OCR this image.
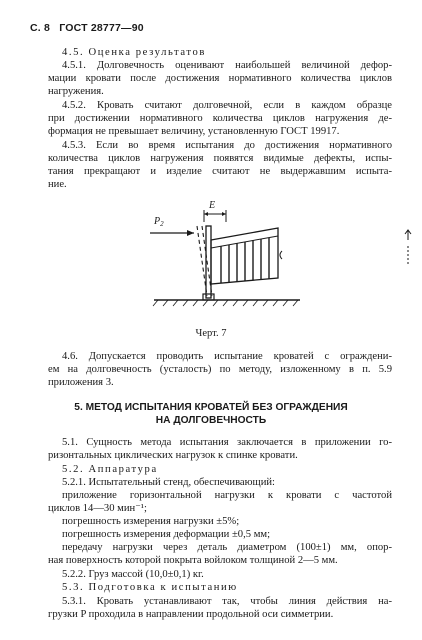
С. 8 ГОСТ 28777—90
4.5. Оценка результатов
4.5.1. Долговечность оценивают наибольшей величиной дефор-
мации кровати после достижения нормативного количества циклов
нагружения.
4.5.2. Кровать считают долговечной, если в каждом образце
при достижении нормативного количества циклов нагружения де-
формация не превышает величину, установленную ГОСТ 19917.
4.5.3. Если во время испытания до достижения нормативного
количества циклов нагружения появятся видимые дефекты, испы-
тания прекращают и изделие считают не выдержавшим испыта-
ние.
E
$P_2$
Черт. 7
4.6. Допускается проводить испытание кроватей с ограждени-
ем на долговечность (усталость) по методу, изложенному в п. 5.9
приложения 3.
5. МЕТОД ИСПЫТАНИЯ КРОВАТЕЙ БЕЗ ОГРАЖДЕНИЯ
НА ДОЛГОВЕЧНОСТЬ
5.1. Сущность метода испытания заключается в приложении го-
ризонтальных циклических нагрузок к спинке кровати.
5.2. Аппаратура
5.2.1. Испытательный стенд, обеспечивающий:
приложение горизонтальной нагрузки к кровати с частотой
циклов 14—30 мин⁻¹;
погрешность измерения нагрузки ±5%;
погрешность измерения деформации ±0,5 мм;
передачу нагрузки через деталь диаметром (100±1) мм, опор-
ная поверхность которой покрыта войлоком толщиной 2—5 мм.
5.2.2. Груз массой (10,0±0,1) кг.
5.3. Подготовка к испытанию
5.3.1. Кровать устанавливают так, чтобы линия действия на-
грузки P проходила в направлении продольной оси симметрии.
